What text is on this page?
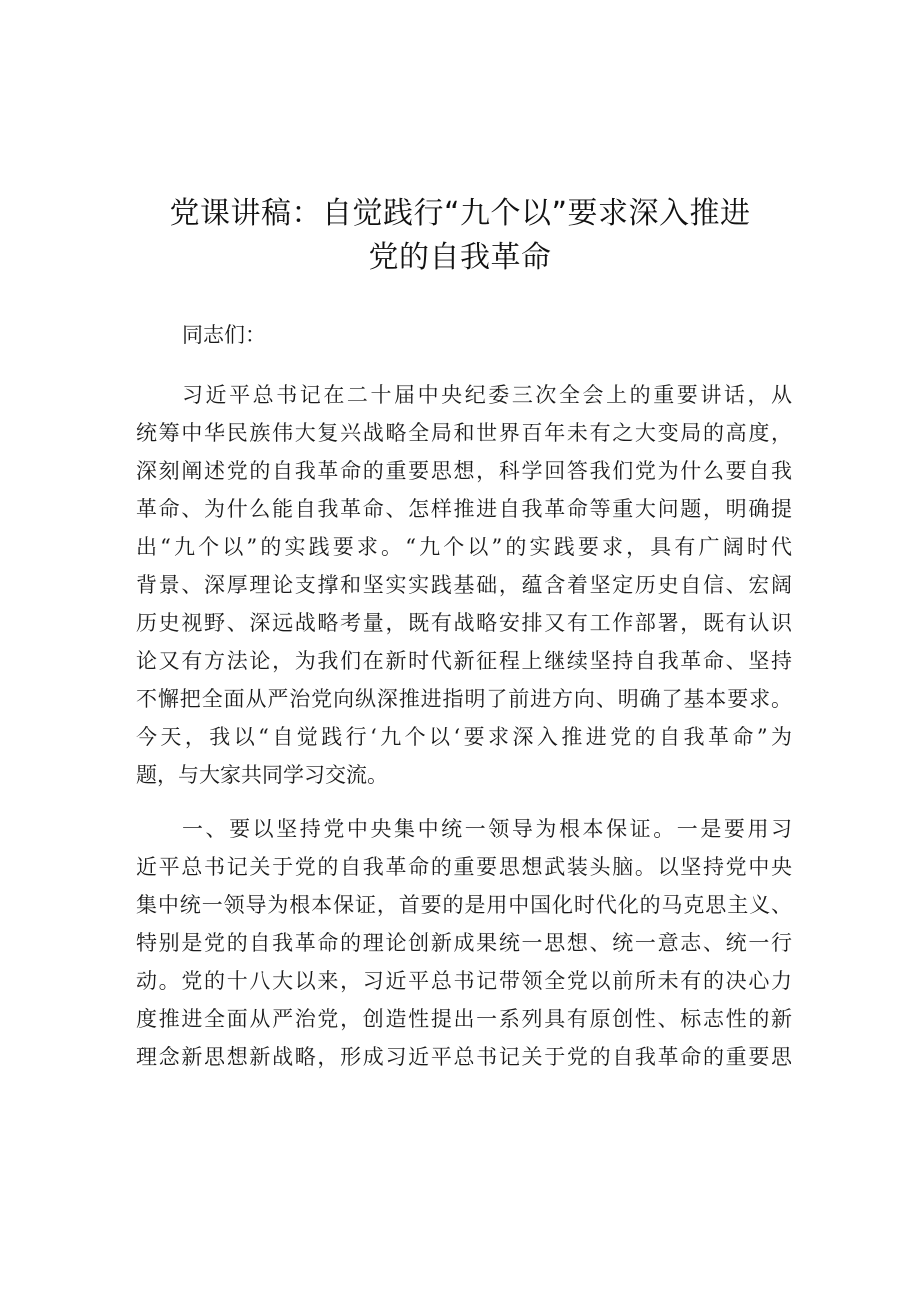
党课讲稿：自觉践行“九个以”要求深入推进
党的自我革命

同志们：

习近平总书记在二十届中央纪委三次全会上的重要讲话，从
统筹中华民族伟大复兴战略全局和世界百年未有之大变局的高度，
深刻阐述党的自我革命的重要思想，科学回答我们党为什么要自我
革命、为什么能自我革命、怎样推进自我革命等重大问题，明确提
出“九个以”的实践要求。“九个以”的实践要求，具有广阔时代
背景、深厚理论支撑和坚实实践基础，蕴含着坚定历史自信、宏阔
历史视野、深远战略考量，既有战略安排又有工作部署，既有认识
论又有方法论，为我们在新时代新征程上继续坚持自我革命、坚持
不懈把全面从严治党向纵深推进指明了前进方向、明确了基本要求。
今天，我以“自觉践行‘九个以‘要求深入推进党的自我革命”为
题，与大家共同学习交流。

一、要以坚持党中央集中统一领导为根本保证。一是要用习
近平总书记关于党的自我革命的重要思想武装头脑。以坚持党中央
集中统一领导为根本保证，首要的是用中国化时代化的马克思主义、
特别是党的自我革命的理论创新成果统一思想、统一意志、统一行
动。党的十八大以来，习近平总书记带领全党以前所未有的决心力
度推进全面从严治党，创造性提出一系列具有原创性、标志性的新
理念新思想新战略，形成习近平总书记关于党的自我革命的重要思
